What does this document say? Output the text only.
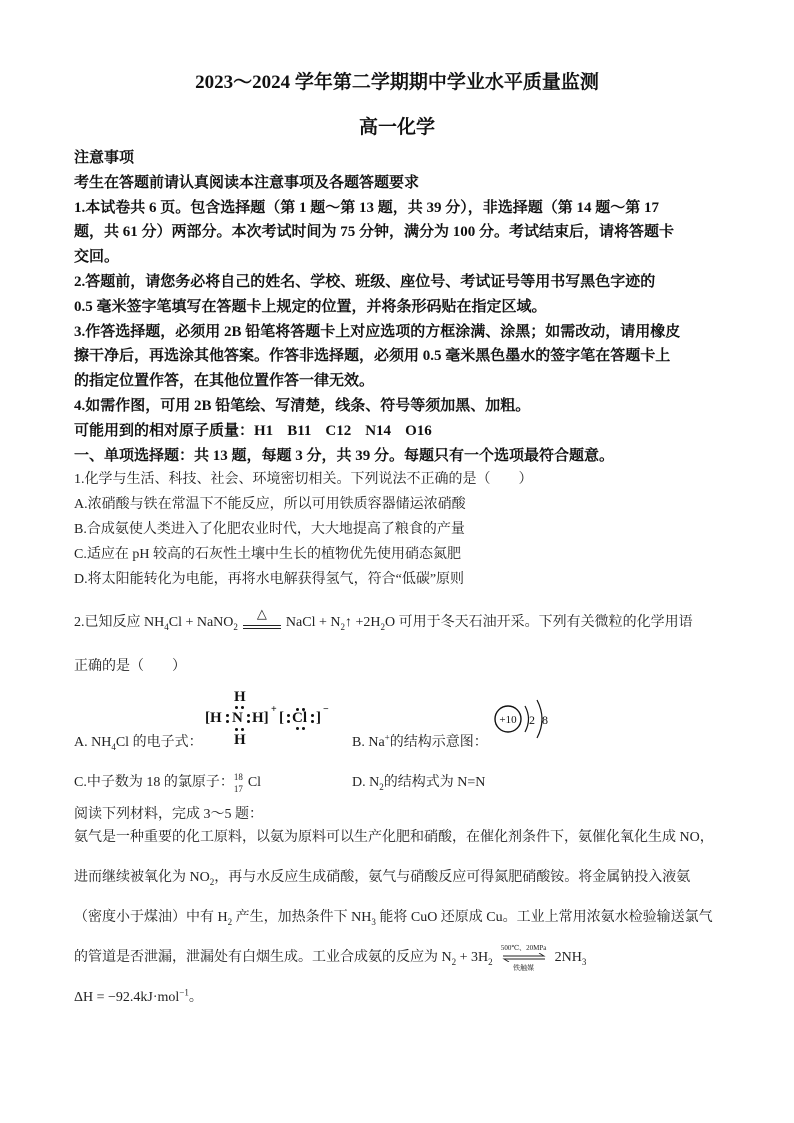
2023～2024 学年第二学期期中学业水平质量监测
高一化学
注意事项
考生在答题前请认真阅读本注意事项及各题答题要求
1.本试卷共 6 页。包含选择题（第 1 题～第 13 题，共 39 分），非选择题（第 14 题～第 17
题，共 61 分）两部分。本次考试时间为 75 分钟，满分为 100 分。考试结束后，请将答题卡
交回。
2.答题前，请您务必将自己的姓名、学校、班级、座位号、考试证号等用书写黑色字迹的
0.5 毫米签字笔填写在答题卡上规定的位置，并将条形码贴在指定区域。
3.作答选择题，必须用 2B 铅笔将答题卡上对应选项的方框涂满、涂黑；如需改动，请用橡皮
擦干净后，再选涂其他答案。作答非选择题，必须用 0.5 毫米黑色墨水的签字笔在答题卡上
的指定位置作答，在其他位置作答一律无效。
4.如需作图，可用 2B 铅笔绘、写清楚，线条、符号等须加黑、加粗。
可能用到的相对原子质量：H1 B11 C12 N14 O16
一、单项选择题：共 13 题，每题 3 分，共 39 分。每题只有一个选项最符合题意。
1.化学与生活、科技、社会、环境密切相关。下列说法不正确的是（　　）
A.浓硝酸与铁在常温下不能反应，所以可用铁质容器储运浓硝酸
B.合成氨使人类进入了化肥农业时代，大大地提高了粮食的产量
C.适应在 pH 较高的石灰性土壤中生长的植物优先使用硝态氮肥
D.将太阳能转化为电能，再将水电解获得氢气，符合“低碳”原则
2.已知反应 $NH_4Cl$ + NaNO$_2$
△
NaCl + $N_2↑ +2H_2O$ 可用于冬天石油开采。下列有关微粒的化学用语
正确的是（　　）
A. $NH_4Cl$ 的电子式：
H
[H N H]
+
[ Cl ]
−
H	B. Na+的结构示意图：
+10 2 8
C.中子数为 18 的氯原子： 18
17 Cl	D. $N_2$的结构式为 N=N
阅读下列材料，完成 3～5 题：
氨气是一种重要的化工原料，以氨为原料可以生产化肥和硝酸，在催化剂条件下，氨催化氧化生成 NO，
进而继续被氧化为 $NO_2$，再与水反应生成硝酸，氨气与硝酸反应可得氮肥硝酸铵。将金属钠投入液氨
（密度小于煤油）中有 $H_2$ 产生，加热条件下 $NH_3$ 能将 CuO 还原成 Cu。工业上常用浓氨水检验输送氯气
的管道是否泄漏，泄漏处有白烟生成。工业合成氨的反应为 $N_2 + 3H_2$
500℃、20MPa
铁触媒
$2NH_3$
ΔH = −92.4kJ·mol$^{-1}$。
